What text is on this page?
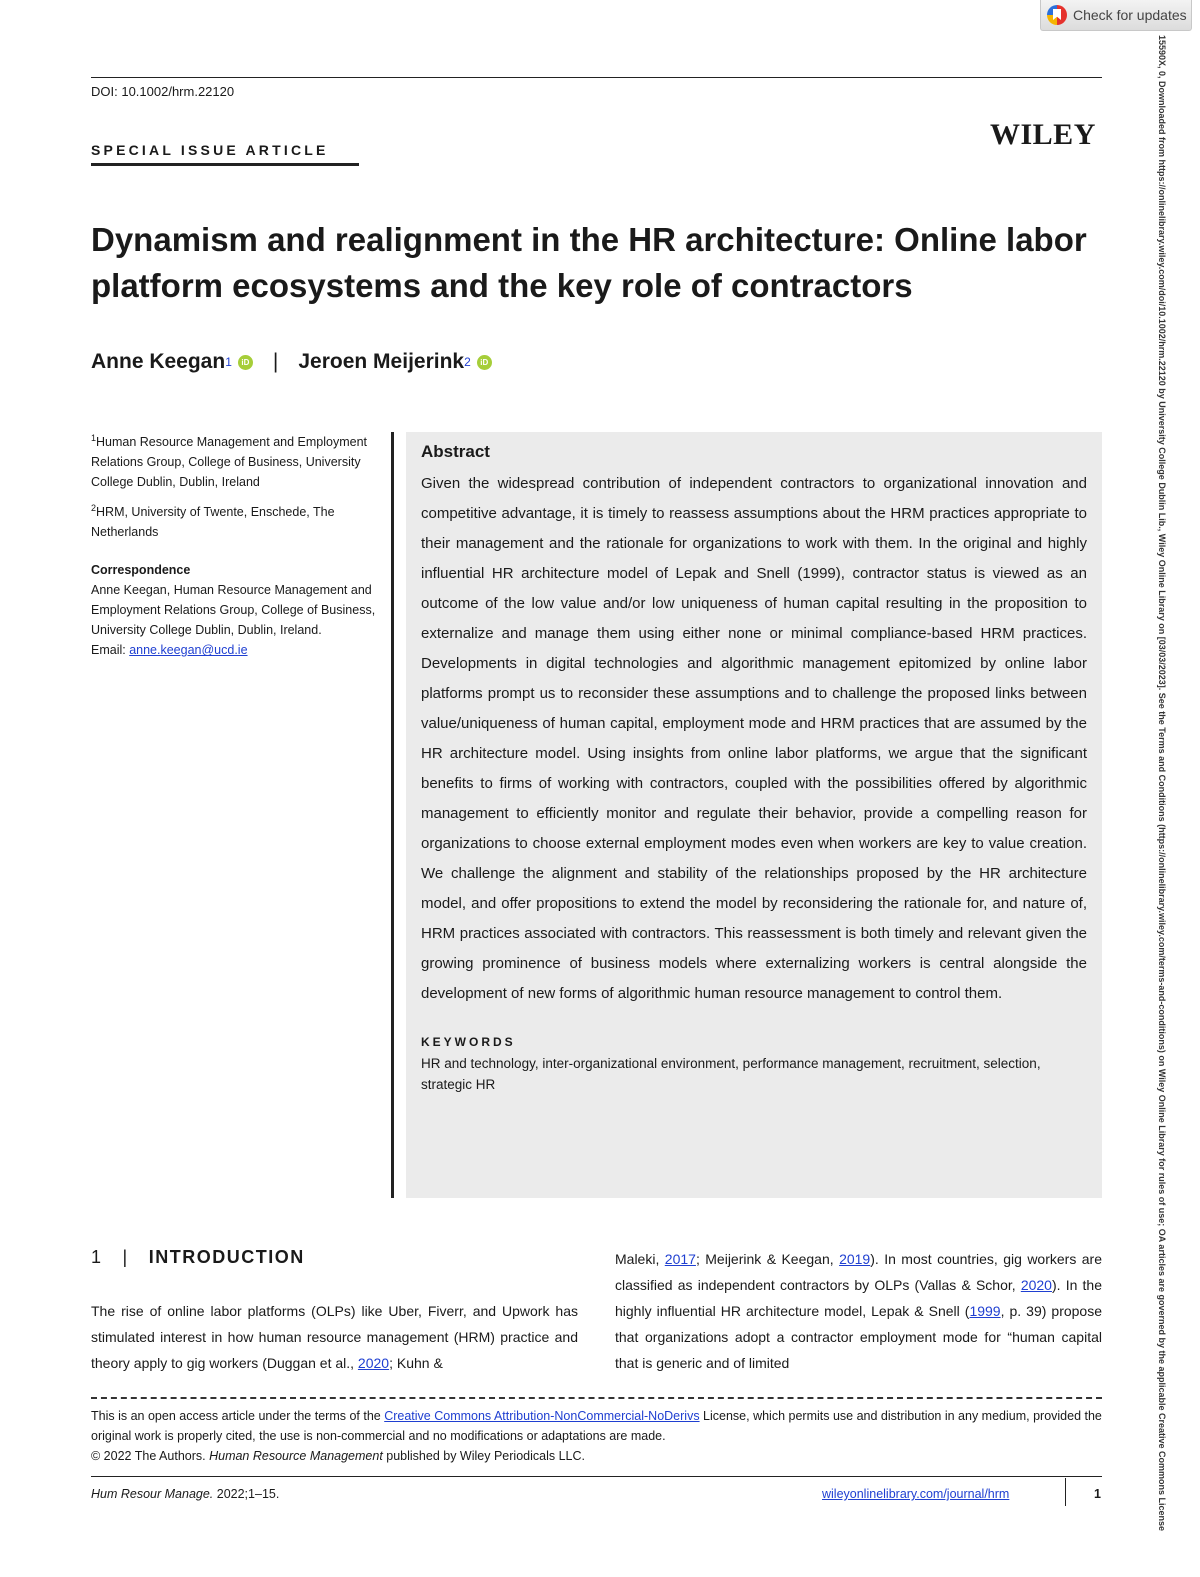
Check for updates
DOI: 10.1002/hrm.22120
SPECIAL ISSUE ARTICLE	WILEY
Dynamism and realignment in the HR architecture: Online labor platform ecosystems and the key role of contractors
Anne Keegan 1	iD | Jeroen Meijerink 2	iD

$^1$Human Resource Management and Employment Relations Group, College of Business, University College Dublin, Dublin, Ireland

$^2$HRM, University of Twente, Enschede, The Netherlands

Correspondence

Anne Keegan, Human Resource Management and Employment Relations Group, College of Business, University College Dublin, Dublin, Ireland.
Email: anne.keegan@ucd.ie

Abstract

Given the widespread contribution of independent contractors to organizational innovation and competitive advantage, it is timely to reassess assumptions about the HRM practices appropriate to their management and the rationale for organizations to work with them. In the original and highly influential HR architecture model of Lepak and Snell (1999), contractor status is viewed as an outcome of the low value and/or low uniqueness of human capital resulting in the proposition to externalize and manage them using either none or minimal compliance-based HRM practices. Developments in digital technologies and algorithmic management epitomized by online labor platforms prompt us to reconsider these assumptions and to challenge the proposed links between value/uniqueness of human capital, employment mode and HRM practices that are assumed by the HR architecture model. Using insights from online labor platforms, we argue that the significant benefits to firms of working with contractors, coupled with the possibilities offered by algorithmic management to efficiently monitor and regulate their behavior, provide a compelling reason for organizations to choose external employment modes even when workers are key to value creation. We challenge the alignment and stability of the relationships proposed by the HR architecture model, and offer propositions to extend the model by reconsidering the rationale for, and nature of, HRM practices associated with contractors. This reassessment is both timely and relevant given the growing prominence of business models where externalizing workers is central alongside the development of new forms of algorithmic human resource management to control them.

KEYWORDS
HR and technology, inter-organizational environment, performance management, recruitment, selection, strategic HR
1 | INTRODUCTION
The rise of online labor platforms (OLPs) like Uber, Fiverr, and Upwork has stimulated interest in how human resource management (HRM) practice and theory apply to gig workers (Duggan et al., 2020; Kuhn &
Maleki, 2017; Meijerink & Keegan, 2019). In most countries, gig workers are classified as independent contractors by OLPs (Vallas & Schor, 2020). In the highly influential HR architecture model, Lepak & Snell (1999, p. 39) propose that organizations adopt a contractor employment mode for “human capital that is generic and of limited

This is an open access article under the terms of the Creative Commons Attribution-NonCommercial-NoDerivs License, which permits use and distribution in any medium, provided the original work is properly cited, the use is non-commercial and no modifications or adaptations are made.

© 2022 The Authors. Human Resource Management published by Wiley Periodicals LLC.

Hum Resour Manage. 2022;1–15.	wileyonlinelibrary.com/journal/hrm	1	15590X, 0, Downloaded from https://onlinelibrary.wiley.com/doi/10.1002/hrm.22120 by University College Dublin Lib., Wiley Online Library on [03/03/2023]. See the Terms and Conditions (https://onlinelibrary.wiley.com/terms-and-conditions) on Wiley Online Library for rules of use; OA articles are governed by the applicable Creative Commons License
